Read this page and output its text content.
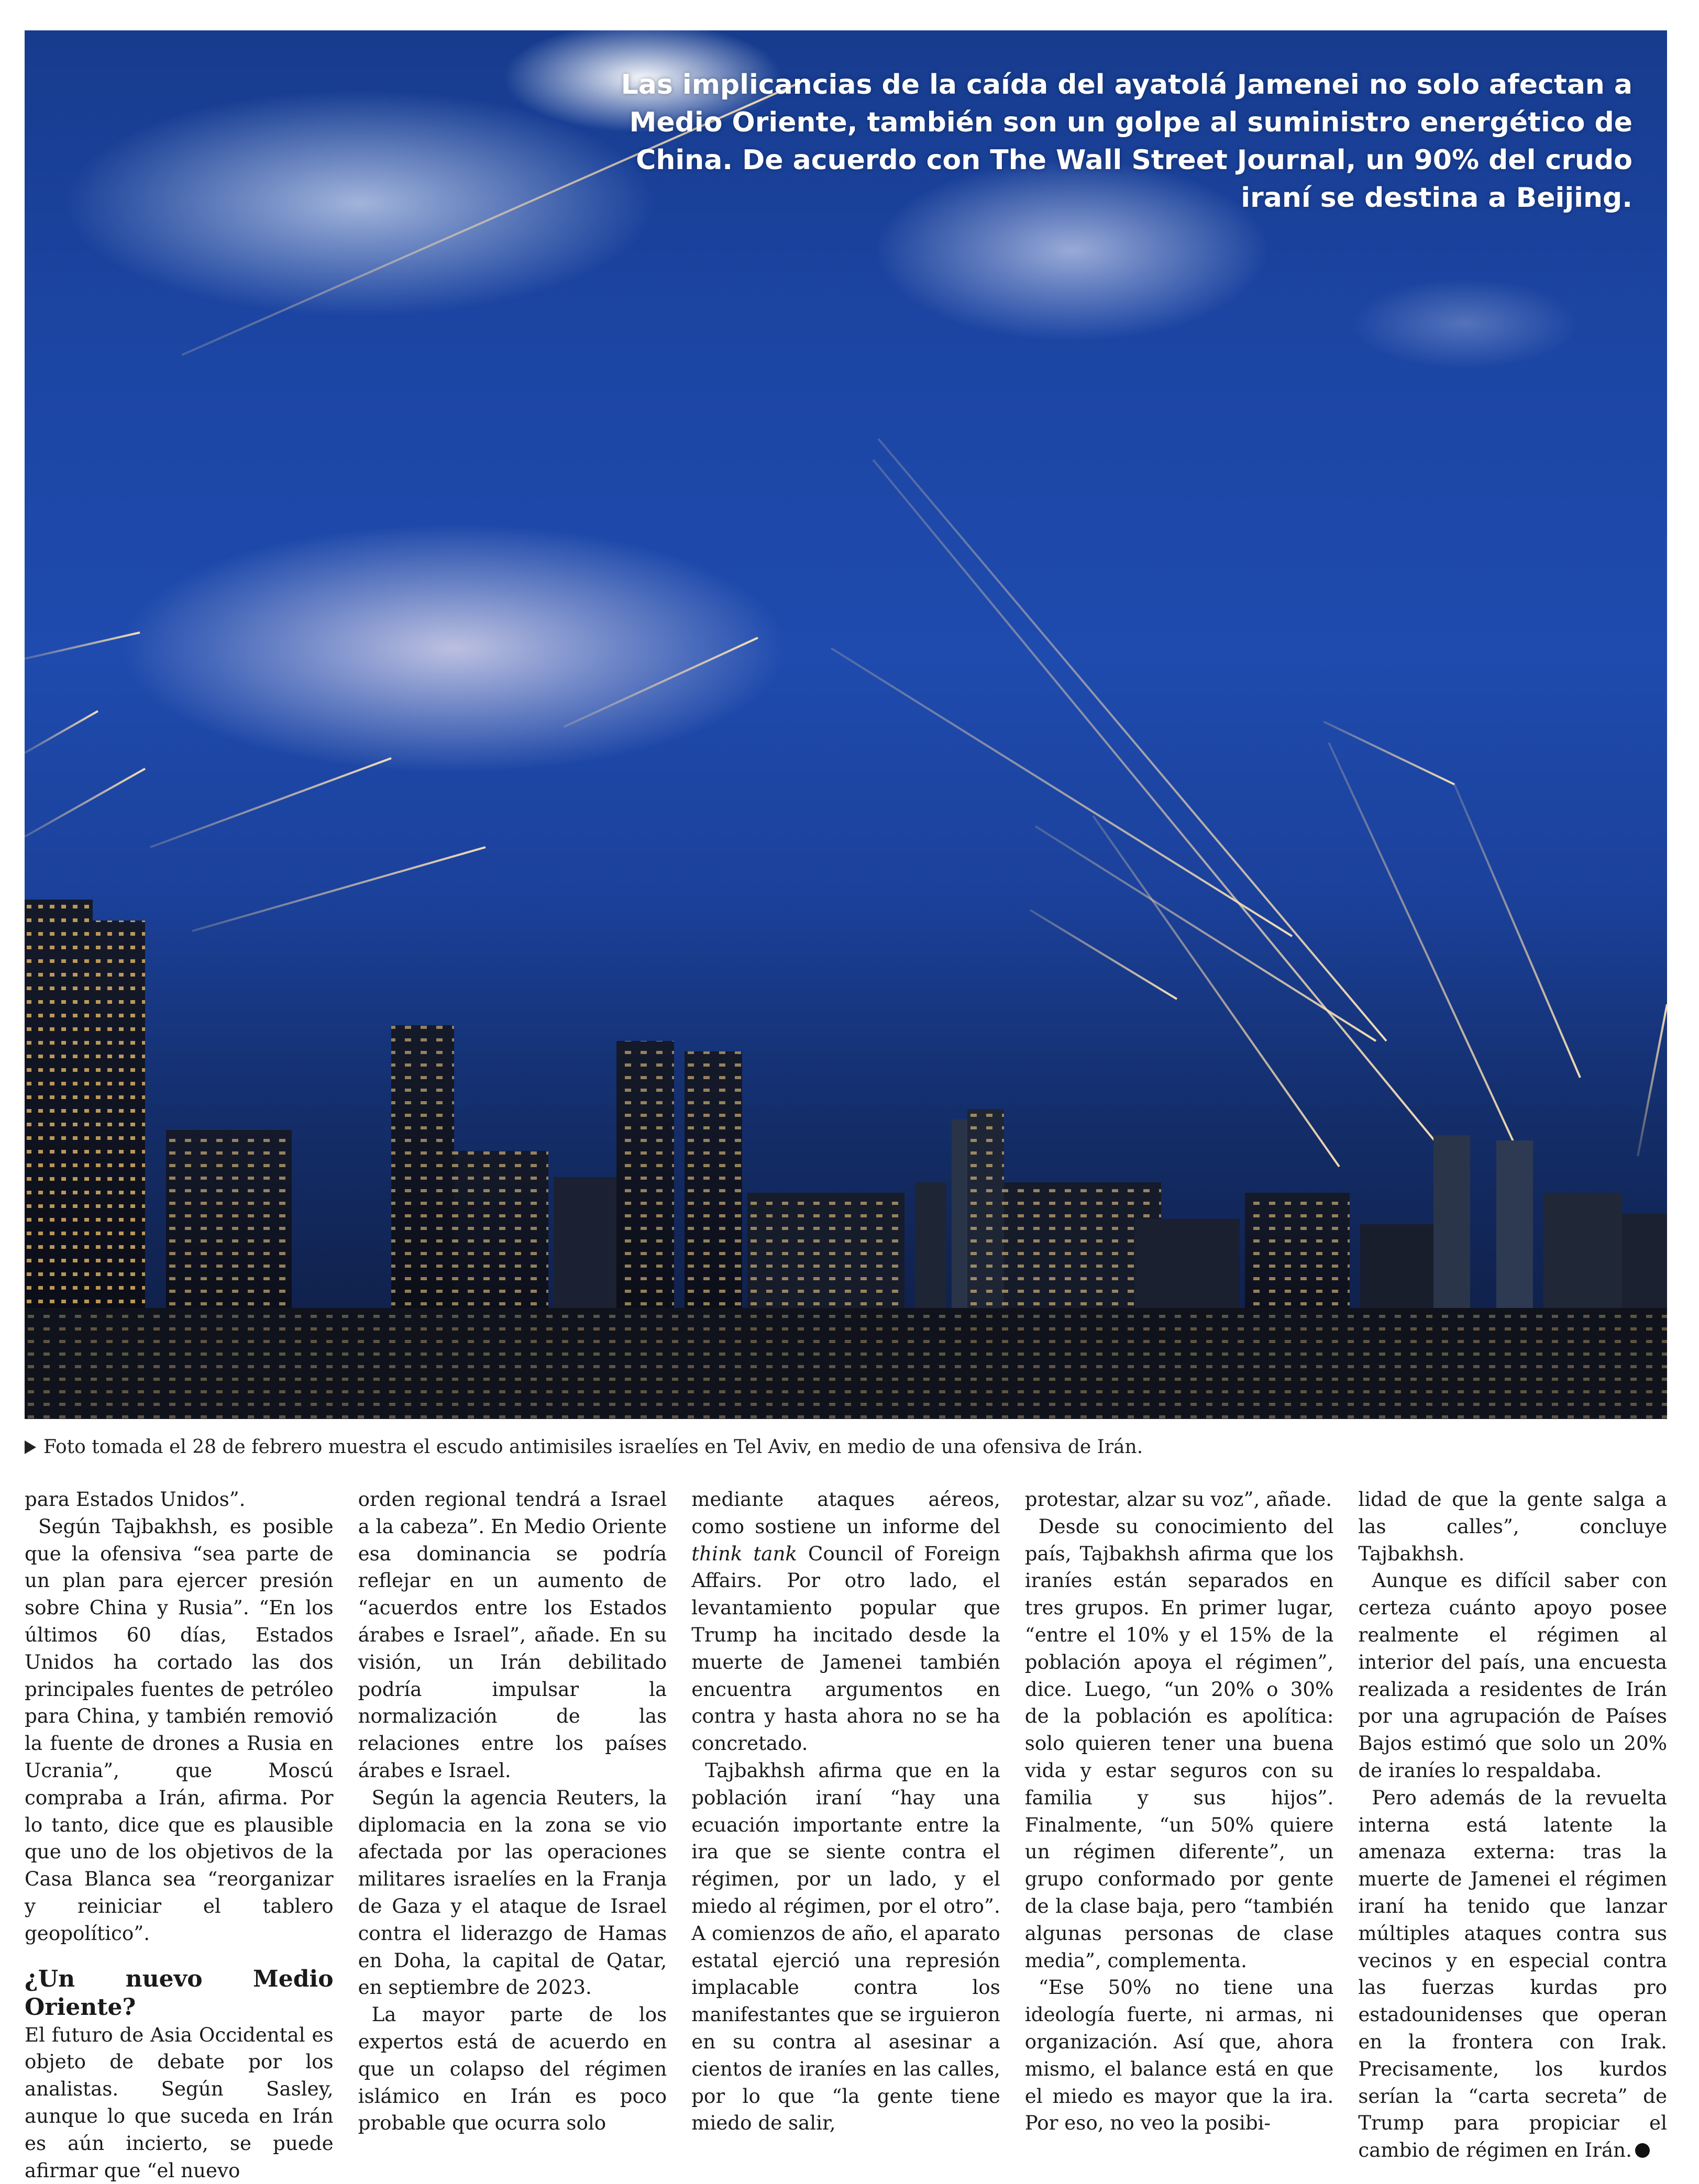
Las implicancias de la caída del ayatolá Jamenei no solo afectan a Medio Oriente, también son un golpe al suministro energético de China. De acuerdo con The Wall Street Journal, un 90% del crudo iraní se destina a Beijing.
Foto tomada el 28 de febrero muestra el escudo antimisiles israelíes en Tel Aviv, en medio de una ofensiva de Irán.

para Estados Unidos”.

Según Tajbakhsh, es posible que la ofensiva “sea parte de un plan para ejercer presión sobre China y Rusia”. “En los últimos 60 días, Estados Unidos ha cortado las dos principales fuentes de petróleo para China, y también removió la fuente de drones a Rusia en Ucrania”, que Moscú compraba a Irán, afirma. Por lo tanto, dice que es plausible que uno de los objetivos de la Casa Blanca sea “reorganizar y reiniciar el tablero geopolítico”.

¿Un nuevo Medio Oriente?

El futuro de Asia Occidental es objeto de debate por los analistas. Según Sasley, aunque lo que suceda en Irán es aún incierto, se puede afirmar que “el nuevo

orden regional tendrá a Israel a la cabeza”. En Medio Oriente esa dominancia se podría reflejar en un aumento de “acuerdos entre los Estados árabes e Israel”, añade. En su visión, un Irán debilitado podría impulsar la normalización de las relaciones entre los países árabes e Israel.

Según la agencia Reuters, la diplomacia en la zona se vio afectada por las operaciones militares israelíes en la Franja de Gaza y el ataque de Israel contra el liderazgo de Hamas en Doha, la capital de Qatar, en septiembre de 2023.

La mayor parte de los expertos está de acuerdo en que un colapso del régimen islámico en Irán es poco probable que ocurra solo

mediante ataques aéreos, como sostiene un informe del think tank Council of Foreign Affairs. Por otro lado, el levantamiento popular que Trump ha incitado desde la muerte de Jamenei también encuentra argumentos en contra y hasta ahora no se ha concretado.

Tajbakhsh afirma que en la población iraní “hay una ecuación importante entre la ira que se siente contra el régimen, por un lado, y el miedo al régimen, por el otro”. A comienzos de año, el aparato estatal ejerció una represión implacable contra los manifestantes que se irguieron en su contra al asesinar a cientos de iraníes en las calles, por lo que “la gente tiene miedo de salir,

protestar, alzar su voz”, añade.

Desde su conocimiento del país, Tajbakhsh afirma que los iraníes están separados en tres grupos. En primer lugar, “entre el 10% y el 15% de la población apoya el régimen”, dice. Luego, “un 20% o 30% de la población es apolítica: solo quieren tener una buena vida y estar seguros con su familia y sus hijos”. Finalmente, “un 50% quiere un régimen diferente”, un grupo conformado por gente de la clase baja, pero “también algunas personas de clase media”, complementa.

“Ese 50% no tiene una ideología fuerte, ni armas, ni organización. Así que, ahora mismo, el balance está en que el miedo es mayor que la ira. Por eso, no veo la posibi-

lidad de que la gente salga a las calles”, concluye Tajbakhsh.

Aunque es difícil saber con certeza cuánto apoyo posee realmente el régimen al interior del país, una encuesta realizada a residentes de Irán por una agrupación de Países Bajos estimó que solo un 20% de iraníes lo respaldaba.

Pero además de la revuelta interna está latente la amenaza externa: tras la muerte de Jamenei el régimen iraní ha tenido que lanzar múltiples ataques contra sus vecinos y en especial contra las fuerzas kurdas pro estadounidenses que operan en la frontera con Irak. Precisamente, los kurdos serían la “carta secreta” de Trump para propiciar el cambio de régimen en Irán.
